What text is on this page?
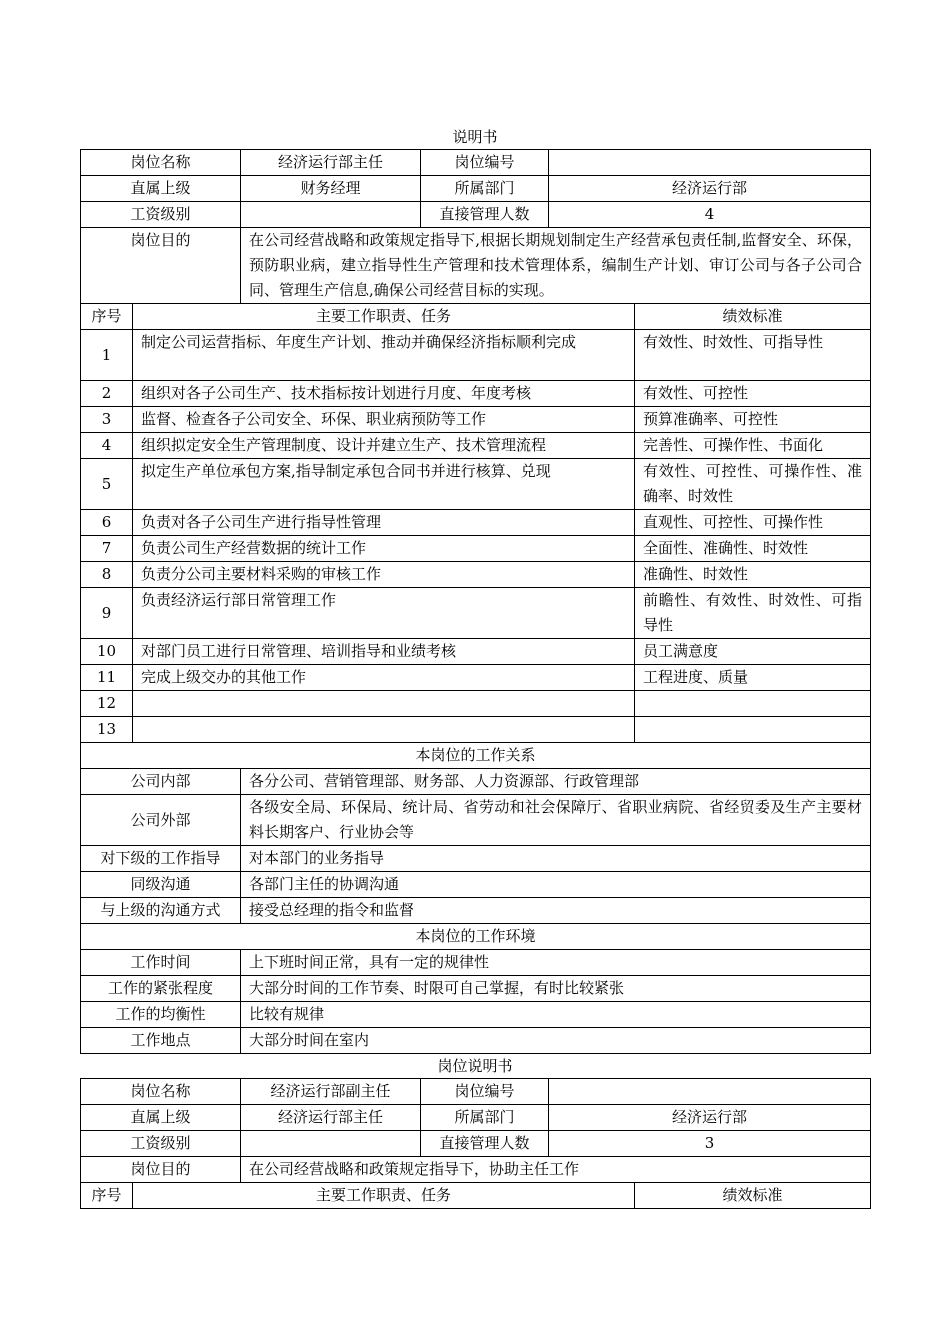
说明书
岗位名称	经济运行部主任	岗位编号	
直属上级	财务经理	所属部门	经济运行部
工资级别		直接管理人数	4
岗位目的	在公司经营战略和政策规定指导下,根据长期规划制定生产经营承包责任制,监督安全、环保，预防职业病，建立指导性生产管理和技术管理体系，编制生产计划、审订公司与各子公司合同、管理生产信息,确保公司经营目标的实现。		
序号	主要工作职责、任务	绩效标准
1	制定公司运营指标、年度生产计划、推动并确保经济指标顺利完成	有效性、时效性、可指导性
2	组织对各子公司生产、技术指标按计划进行月度、年度考核	有效性、可控性
3	监督、检查各子公司安全、环保、职业病预防等工作	预算准确率、可控性
4	组织拟定安全生产管理制度、设计并建立生产、技术管理流程	完善性、可操作性、书面化
5	拟定生产单位承包方案,指导制定承包合同书并进行核算、兑现	有效性、可控性、可操作性、准确率、时效性
6	负责对各子公司生产进行指导性管理	直观性、可控性、可操作性
7	负责公司生产经营数据的统计工作	全面性、准确性、时效性
8	负责分公司主要材料采购的审核工作	准确性、时效性
9	负责经济运行部日常管理工作	前瞻性、有效性、时效性、可指导性
10	对部门员工进行日常管理、培训指导和业绩考核	员工满意度
11	完成上级交办的其他工作	工程进度、质量
12		
13		
本岗位的工作关系	
公司内部	各分公司、营销管理部、财务部、人力资源部、行政管理部
公司外部	各级安全局、环保局、统计局、省劳动和社会保障厅、省职业病院、省经贸委及生产主要材料长期客户、行业协会等
对下级的工作指导	对本部门的业务指导
同级沟通	各部门主任的协调沟通
与上级的沟通方式	接受总经理的指令和监督
本岗位的工作环境	
工作时间	上下班时间正常，具有一定的规律性
工作的紧张程度	大部分时间的工作节奏、时限可自己掌握，有时比较紧张
工作的均衡性	比较有规律
工作地点	大部分时间在室内
岗位说明书
岗位名称	经济运行部副主任	岗位编号	
直属上级	经济运行部主任	所属部门	经济运行部
工资级别		直接管理人数	3
岗位目的	在公司经营战略和政策规定指导下，协助主任工作		
序号	主要工作职责、任务	绩效标准
